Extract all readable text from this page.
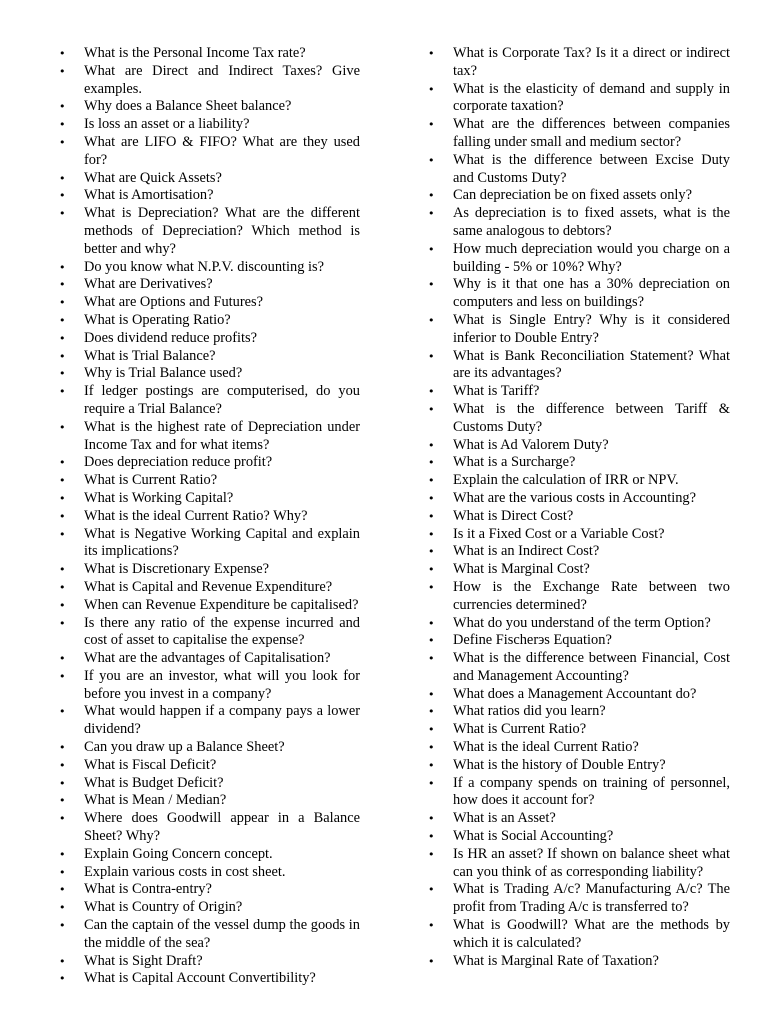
• What is the Personal Income Tax rate?
• What are Direct and Indirect Taxes? Give examples.
• Why does a Balance Sheet balance?
• Is loss an asset or a liability?
• What are LIFO & FIFO? What are they used for?
• What are Quick Assets?
• What is Amortisation?
• What is Depreciation? What are the different methods of Depreciation? Which method is better and why?
• Do you know what N.P.V. discounting is?
• What are Derivatives?
• What are Options and Futures?
• What is Operating Ratio?
• Does dividend reduce profits?
• What is Trial Balance?
• Why is Trial Balance used?
• If ledger postings are computerised, do you require a Trial Balance?
• What is the highest rate of Depreciation under Income Tax and for what items?
• Does depreciation reduce profit?
• What is Current Ratio?
• What is Working Capital?
• What is the ideal Current Ratio? Why?
• What is Negative Working Capital and explain its implications?
• What is Discretionary Expense?
• What is Capital and Revenue Expenditure?
• When can Revenue Expenditure be capitalised?
• Is there any ratio of the expense incurred and cost of asset to capitalise the expense?
• What are the advantages of Capitalisation?
• If you are an investor, what will you look for before you invest in a company?
• What would happen if a company pays a lower dividend?
• Can you draw up a Balance Sheet?
• What is Fiscal Deficit?
• What is Budget Deficit?
• What is Mean / Median?
• Where does Goodwill appear in a Balance Sheet? Why?
• Explain Going Concern concept.
• Explain various costs in cost sheet.
• What is Contra-entry?
• What is Country of Origin?
• Can the captain of the vessel dump the goods in the middle of the sea?
• What is Sight Draft?
• What is Capital Account Convertibility?
• What is Corporate Tax? Is it a direct or indirect tax?
• What is the elasticity of demand and supply in corporate taxation?
• What are the differences between companies falling under small and medium sector?
• What is the difference between Excise Duty and Customs Duty?
• Can depreciation be on fixed assets only?
• As depreciation is to fixed assets, what is the same analogous to debtors?
• How much depreciation would you charge on a building - 5% or 10%? Why?
• Why is it that one has a 30% depreciation on computers and less on buildings?
• What is Single Entry? Why is it considered inferior to Double Entry?
• What is Bank Reconciliation Statement? What are its advantages?
• What is Tariff?
• What is the difference between Tariff & Customs Duty?
• What is Ad Valorem Duty?
• What is a Surcharge?
• Explain the calculation of IRR or NPV.
• What are the various costs in Accounting?
• What is Direct Cost?
• Is it a Fixed Cost or a Variable Cost?
• What is an Indirect Cost?
• What is Marginal Cost?
• How is the Exchange Rate between two currencies determined?
• What do you understand of the term Option?
• Define Fischerэs Equation?
• What is the difference between Financial, Cost and Management Accounting?
• What does a Management Accountant do?
• What ratios did you learn?
• What is Current Ratio?
• What is the ideal Current Ratio?
• What is the history of Double Entry?
• If a company spends on training of personnel, how does it account for?
• What is an Asset?
• What is Social Accounting?
• Is HR an asset? If shown on balance sheet what can you think of as corresponding liability?
• What is Trading A/c? Manufacturing A/c? The profit from Trading A/c is transferred to?
• What is Goodwill? What are the methods by which it is calculated?
• What is Marginal Rate of Taxation?
